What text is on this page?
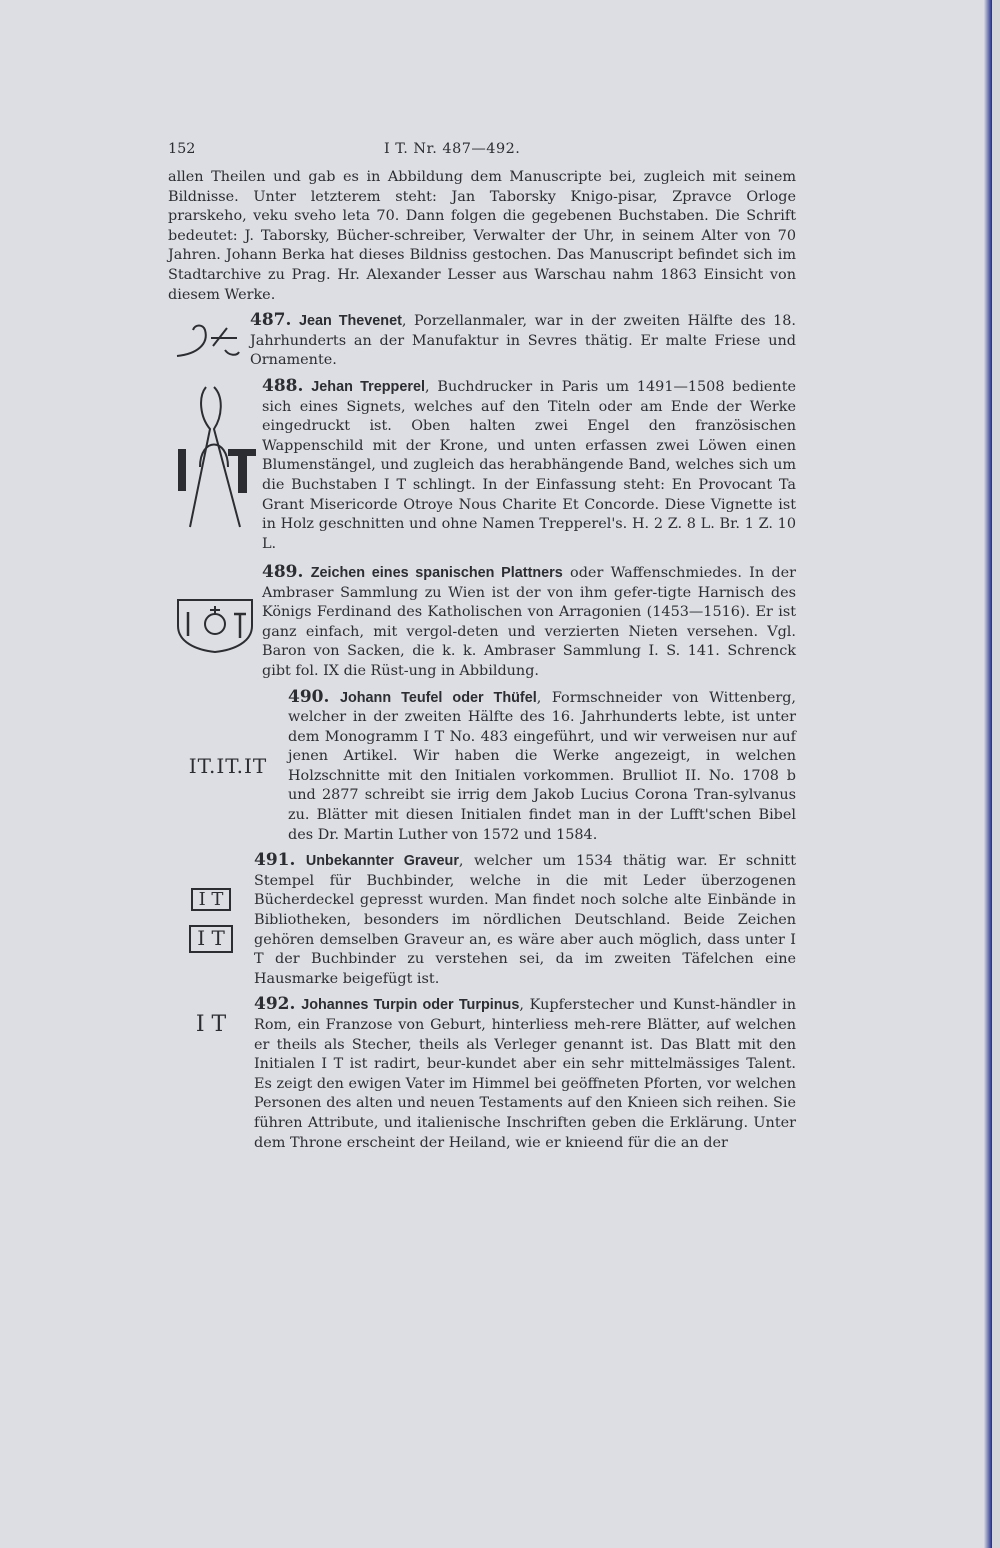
152	I T. Nr. 487—492.

allen Theilen und gab es in Abbildung dem Manuscripte bei, zugleich mit seinem Bildnisse. Unter letzterem steht: Jan Taborsky Knigo-pisar, Zpravce Orloge prarskeho, veku sveho leta 70. Dann folgen die gegebenen Buchstaben. Die Schrift bedeutet: J. Taborsky, Bücher-schreiber, Verwalter der Uhr, in seinem Alter von 70 Jahren. Johann Berka hat dieses Bildniss gestochen. Das Manuscript befindet sich im Stadtarchive zu Prag. Hr. Alexander Lesser aus Warschau nahm 1863 Einsicht von diesem Werke.

487. Jean Thevenet, Porzellanmaler, war in der zweiten Hälfte des 18. Jahrhunderts an der Manufaktur in Sevres thätig. Er malte Friese und Ornamente.
488. Jehan Trepperel, Buchdrucker in Paris um 1491—1508 bediente sich eines Signets, welches auf den Titeln oder am Ende der Werke eingedruckt ist. Oben halten zwei Engel den französischen Wappenschild mit der Krone, und unten erfassen zwei Löwen einen Blumenstängel, und zugleich das herabhängende Band, welches sich um die Buchstaben I T schlingt. In der Einfassung steht: En Provocant Ta Grant Misericorde Otroye Nous Charite Et Concorde. Diese Vignette ist in Holz geschnitten und ohne Namen Trepperel's. H. 2 Z. 8 L. Br. 1 Z. 10 L.
489. Zeichen eines spanischen Plattners oder Waffenschmiedes. In der Ambraser Sammlung zu Wien ist der von ihm gefer-tigte Harnisch des Königs Ferdinand des Katholischen von Arragonien (1453—1516). Er ist ganz einfach, mit vergol-deten und verzierten Nieten versehen. Vgl. Baron von Sacken, die k. k. Ambraser Sammlung I. S. 141. Schrenck gibt fol. IX die Rüst-ung in Abbildung.
IT.IT.IT
490. Johann Teufel oder Thüfel, Formschneider von Wittenberg, welcher in der zweiten Hälfte des 16. Jahrhunderts lebte, ist unter dem Monogramm I T No. 483 eingeführt, und wir verweisen nur auf jenen Artikel. Wir haben die Werke angezeigt, in welchen Holzschnitte mit den Initialen vorkommen. Brulliot II. No. 1708 b und 2877 schreibt sie irrig dem Jakob Lucius Corona Tran-sylvanus zu. Blätter mit diesen Initialen findet man in der Lufft'schen Bibel des Dr. Martin Luther von 1572 und 1584.
I T
I T
491. Unbekannter Graveur, welcher um 1534 thätig war. Er schnitt Stempel für Buchbinder, welche in die mit Leder überzogenen Bücherdeckel gepresst wurden. Man findet noch solche alte Einbände in Bibliotheken, besonders im nördlichen Deutschland. Beide Zeichen gehören demselben Graveur an, es wäre aber auch möglich, dass unter I T der Buchbinder zu verstehen sei, da im zweiten Täfelchen eine Hausmarke beigefügt ist.
I T
492. Johannes Turpin oder Turpinus, Kupferstecher und Kunst-händler in Rom, ein Franzose von Geburt, hinterliess meh-rere Blätter, auf welchen er theils als Stecher, theils als Verleger genannt ist. Das Blatt mit den Initialen I T ist radirt, beur-kundet aber ein sehr mittelmässiges Talent. Es zeigt den ewigen Vater im Himmel bei geöffneten Pforten, vor welchen Personen des alten und neuen Testaments auf den Knieen sich reihen. Sie führen Attribute, und italienische Inschriften geben die Erklärung. Unter dem Throne erscheint der Heiland, wie er knieend für die an der
